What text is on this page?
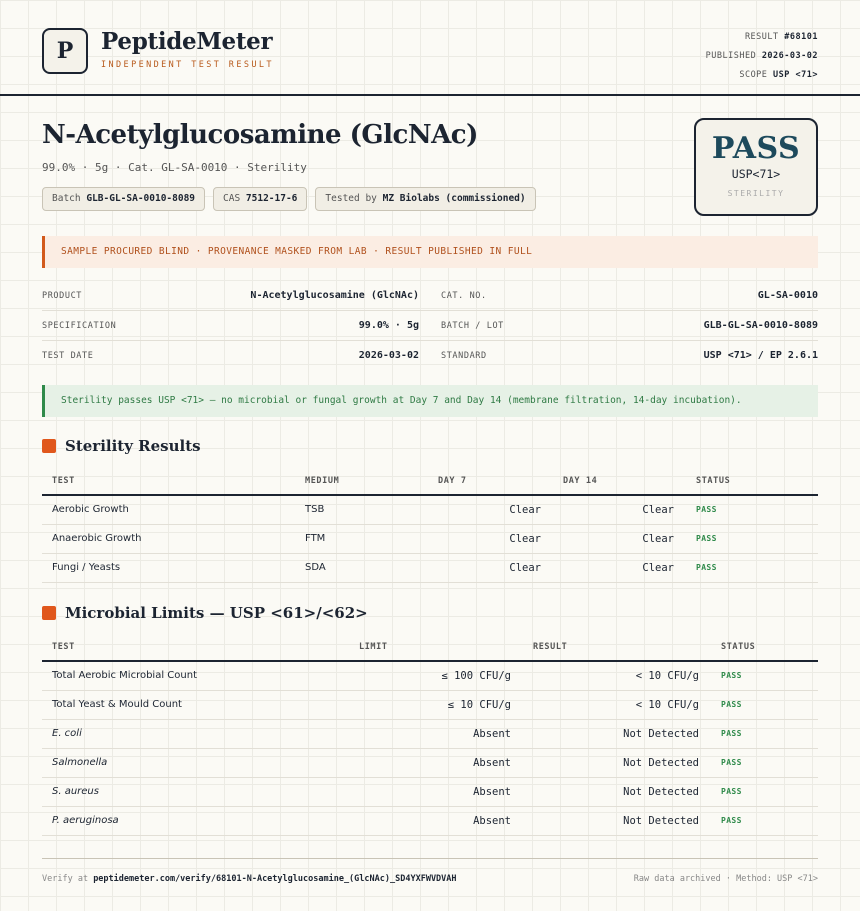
P PeptideMeter
INDEPENDENT TEST RESULT
RESULT #68101
PUBLISHED 2026-03-02
SCOPE USP <71>
N-Acetylglucosamine (GlcNAc)
99.0% · 5g · Cat. GL-SA-0010 · Sterility
Batch GLB-GL-SA-0010-8089	CAS 7512-17-6	Tested by MZ Biolabs (commissioned)
PASS
USP<71>
STERILITY
SAMPLE PROCURED BLIND · PROVENANCE MASKED FROM LAB · RESULT PUBLISHED IN FULL
PRODUCT	N-Acetylglucosamine (GlcNAc)	CAT. NO.	GL-SA-0010
SPECIFICATION	99.0% · 5g	BATCH / LOT	GLB-GL-SA-0010-8089
TEST DATE	2026-03-02	STANDARD	USP <71> / EP 2.6.1
Sterility passes USP <71> — no microbial or fungal growth at Day 7 and Day 14 (membrane filtration, 14-day incubation).
Sterility Results
TEST	MEDIUM	DAY 7	DAY 14	STATUS
Aerobic Growth	TSB	Clear	Clear	PASS
Anaerobic Growth	FTM	Clear	Clear	PASS
Fungi / Yeasts	SDA	Clear	Clear	PASS
Microbial Limits — USP <61>/<62>
TEST	LIMIT	RESULT	STATUS
Total Aerobic Microbial Count	≤ 100 CFU/g	< 10 CFU/g	PASS
Total Yeast & Mould Count	≤ 10 CFU/g	< 10 CFU/g	PASS
E. coli	Absent	Not Detected	PASS
Salmonella	Absent	Not Detected	PASS
S. aureus	Absent	Not Detected	PASS
P. aeruginosa	Absent	Not Detected	PASS
Verify at peptidemeter.com/verify/68101-N-Acetylglucosamine_(GlcNAc)_SD4YXFWVDVAH	Raw data archived · Method: USP <71>
